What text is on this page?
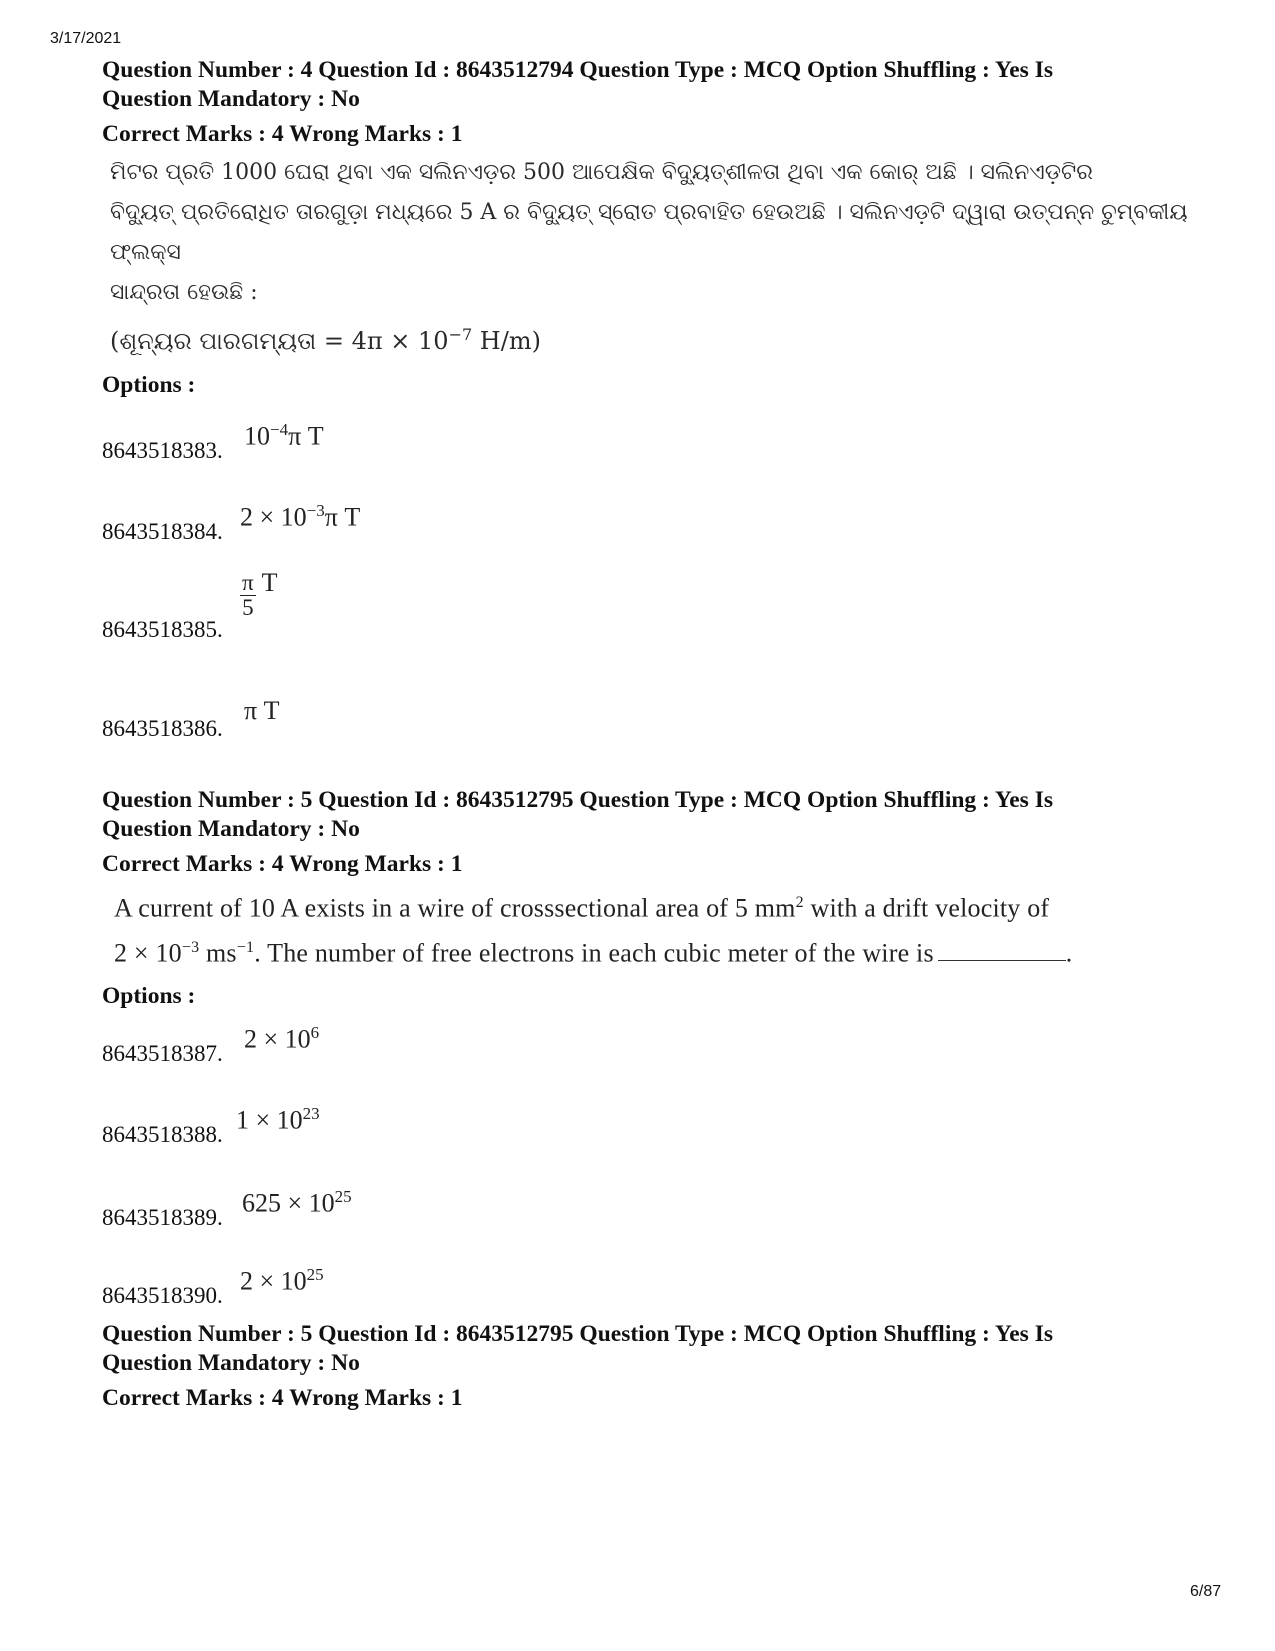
3/17/2021
Question Number : 4 Question Id : 8643512794 Question Type : MCQ Option Shuffling : Yes Is
Question Mandatory : No
Correct Marks : 4 Wrong Marks : 1
ମିଟର ପ୍ରତି 1000 ଘେରା ଥିବା ଏକ ସଲିନଏଡ଼ର 500 ଆପେକ୍ଷିକ ବିଦ୍ୟୁତ୍‌ଶୀଳତା ଥିବା ଏକ କୋର୍ ଅଛି । ସଲିନଏଡ଼ଟିର
ବିଦ୍ୟୁତ୍ ପ୍ରତିରୋଧିତ ତାରଗୁଡ଼ା ମଧ୍ୟରେ 5 A ର ବିଦ୍ୟୁତ୍ ସ୍ରୋତ ପ୍ରବାହିତ ହେଉଅଛି । ସଲିନଏଡ଼ଟି ଦ୍ୱାରା ଉତ୍ପନ୍ନ ଚୁମ୍ବକୀୟ ଫ୍ଲକ୍ସ
ସାନ୍ଦ୍ରତା ହେଉଛି :
(ଶୂନ୍ୟର ପାରଗମ୍ୟତା = $4\pi \times 10^{-7}$ H/m)
Options :
8643518383. $10^{-4}\pi$ T
8643518384. $2 \times 10^{-3}\pi$ T
8643518385.
$\frac{\pi}{5}$ T
8643518386.
π T
Question Number : 5 Question Id : 8643512795 Question Type : MCQ Option Shuffling : Yes Is
Question Mandatory : No
Correct Marks : 4 Wrong Marks : 1
A current of 10 A exists in a wire of crosssectional area of 5 $mm^2$ with a drift velocity of
$2 \times 10^{-3}$ $ms^{-1}$. The number of free electrons in each cubic meter of the wire is	.
Options :
8643518387. $2 \times 10^6$
8643518388. $1 \times 10^{23}$
8643518389. $625 \times 10^{25}$
8643518390. $2 \times 10^{25}$
Question Number : 5 Question Id : 8643512795 Question Type : MCQ Option Shuffling : Yes Is
Question Mandatory : No
Correct Marks : 4 Wrong Marks : 1
6/87
